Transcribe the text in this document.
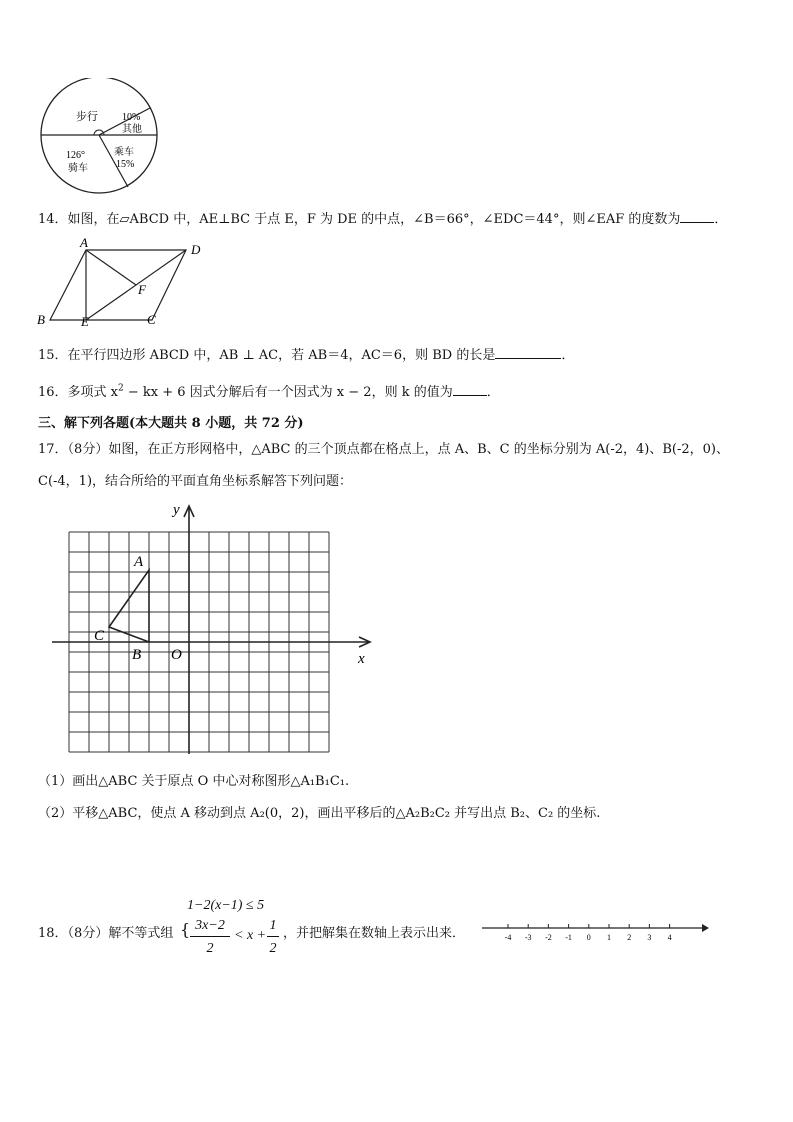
步行 10%
其他
乘车
15%
126°
骑车
14．如图，在▱ABCD 中，AE⊥BC 于点 E，F 为 DE 的中点，∠B＝66°，∠EDC＝44°，则∠EAF 的度数为	．
A	D
F
B	E	C
15．在平行四边形 ABCD 中，AB ⊥ AC，若 AB＝4，AC＝6，则 BD 的长是	．
16．多项式 $x^2$ − kx + 6 因式分解后有一个因式为 x − 2，则 k 的值为	．
三、解下列各题(本大题共 8 小题，共 72 分)
17．（8分）如图，在正方形网格中，△ABC 的三个顶点都在格点上，点 A、B、C 的坐标分别为 A(-2，4)、B(-2，0)、
C(-4，1)，结合所给的平面直角坐标系解答下列问题：
y
x
O
A
B
C
（1）画出△ABC 关于原点 O 中心对称图形△A₁B₁C₁.
（2）平移△ABC，使点 A 移动到点 A₂(0，2)，画出平移后的△A₂B₂C₂ 并写出点 B₂、C₂ 的坐标.
18．（8分）解不等式组 {
1−2(x−1) ≤ 5
3x−2
2
< x +
1
2
，并把解集在数轴上表示出来．	-4 -3 -2 -1 0 1 2 3 4
